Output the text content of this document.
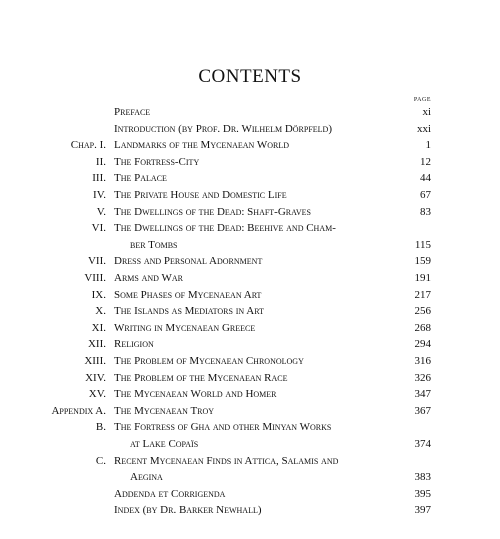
CONTENTS
PAGE
Preface	xi
Introduction (by Prof. Dr. Wilhelm Dörpfeld)	xxi
Chap. I. Landmarks of the Mycenaean World	1
II. The Fortress-City	12
III. The Palace	44
IV. The Private House and Domestic Life	67
V. The Dwellings of the Dead: Shaft-Graves	83
VI. The Dwellings of the Dead: Beehive and Cham-
ber Tombs	115
VII. Dress and Personal Adornment	159
VIII. Arms and War	191
IX. Some Phases of Mycenaean Art	217
X. The Islands as Mediators in Art	256
XI. Writing in Mycenaean Greece	268
XII. Religion	294
XIII. The Problem of Mycenaean Chronology	316
XIV. The Problem of the Mycenaean Race	326
XV. The Mycenaean World and Homer	347
Appendix A. The Mycenaean Troy	367
B. The Fortress of Gha and other Minyan Works
at Lake Copaïs	374
C. Recent Mycenaean Finds in Attica, Salamis and
Aegina	383
Addenda et Corrigenda	395
Index (by Dr. Barker Newhall)	397
